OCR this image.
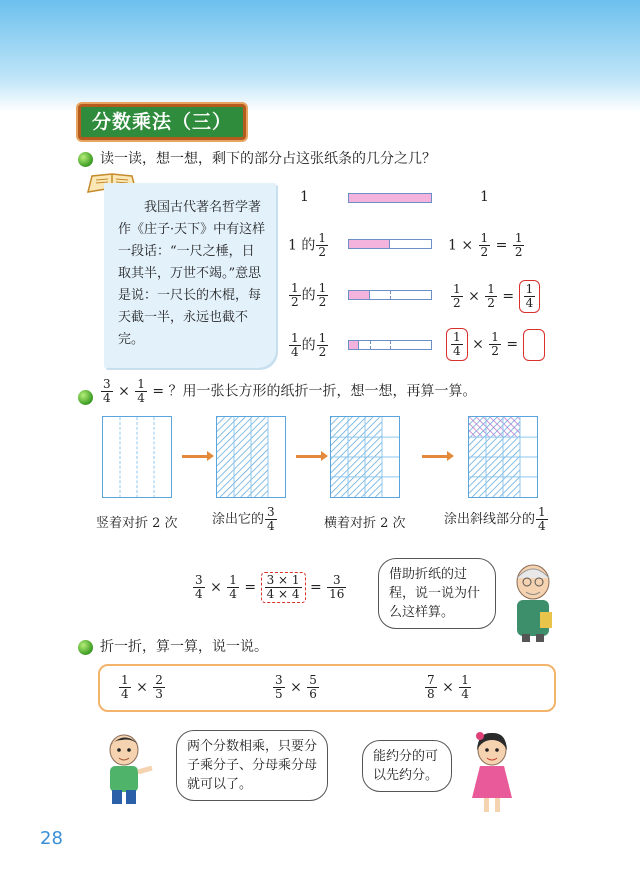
分数乘法（三）
读一读，想一想，剩下的部分占这张纸条的几分之几？

我国古代著名哲学著作《庄子·天下》中有这样一段话：“一尺之棰，日取其半，万世不竭。”意思是说：一尺长的木棍，每天截一半，永远也截不完。

1	1
1 的 $\frac{1}{2}$	$1 \times \frac{1}{2} = \frac{1}{2}$
$\frac{1}{2}$ 的 $\frac{1}{2}$	$\frac{1}{2} \times \frac{1}{2} = \frac{1}{4}$
$\frac{1}{4}$ 的 $\frac{1}{2}$	$\frac{1}{4} \times \frac{1}{2}$ =
$\frac{3}{4} \times \frac{1}{4}$ = ？用一张长方形的纸折一折，想一想，再算一算。
竖着对折 2 次	涂出它的 $\frac{3}{4}$	横着对折 2 次	涂出斜线部分的 $\frac{1}{4}$
$\frac{3}{4} \times \frac{1}{4} = \frac{3 \times 1}{4 \times 4} = \frac{3}{16}$	借助折纸的过程，说一说为什么这样算。
折一折，算一算，说一说。
$\frac{1}{4} \times \frac{2}{3}$	$\frac{3}{5} \times \frac{5}{6}$	$\frac{7}{8} \times \frac{1}{4}$
两个分数相乘，只要分子乘分子、分母乘分母就可以了。
能约分的可以先约分。
28
